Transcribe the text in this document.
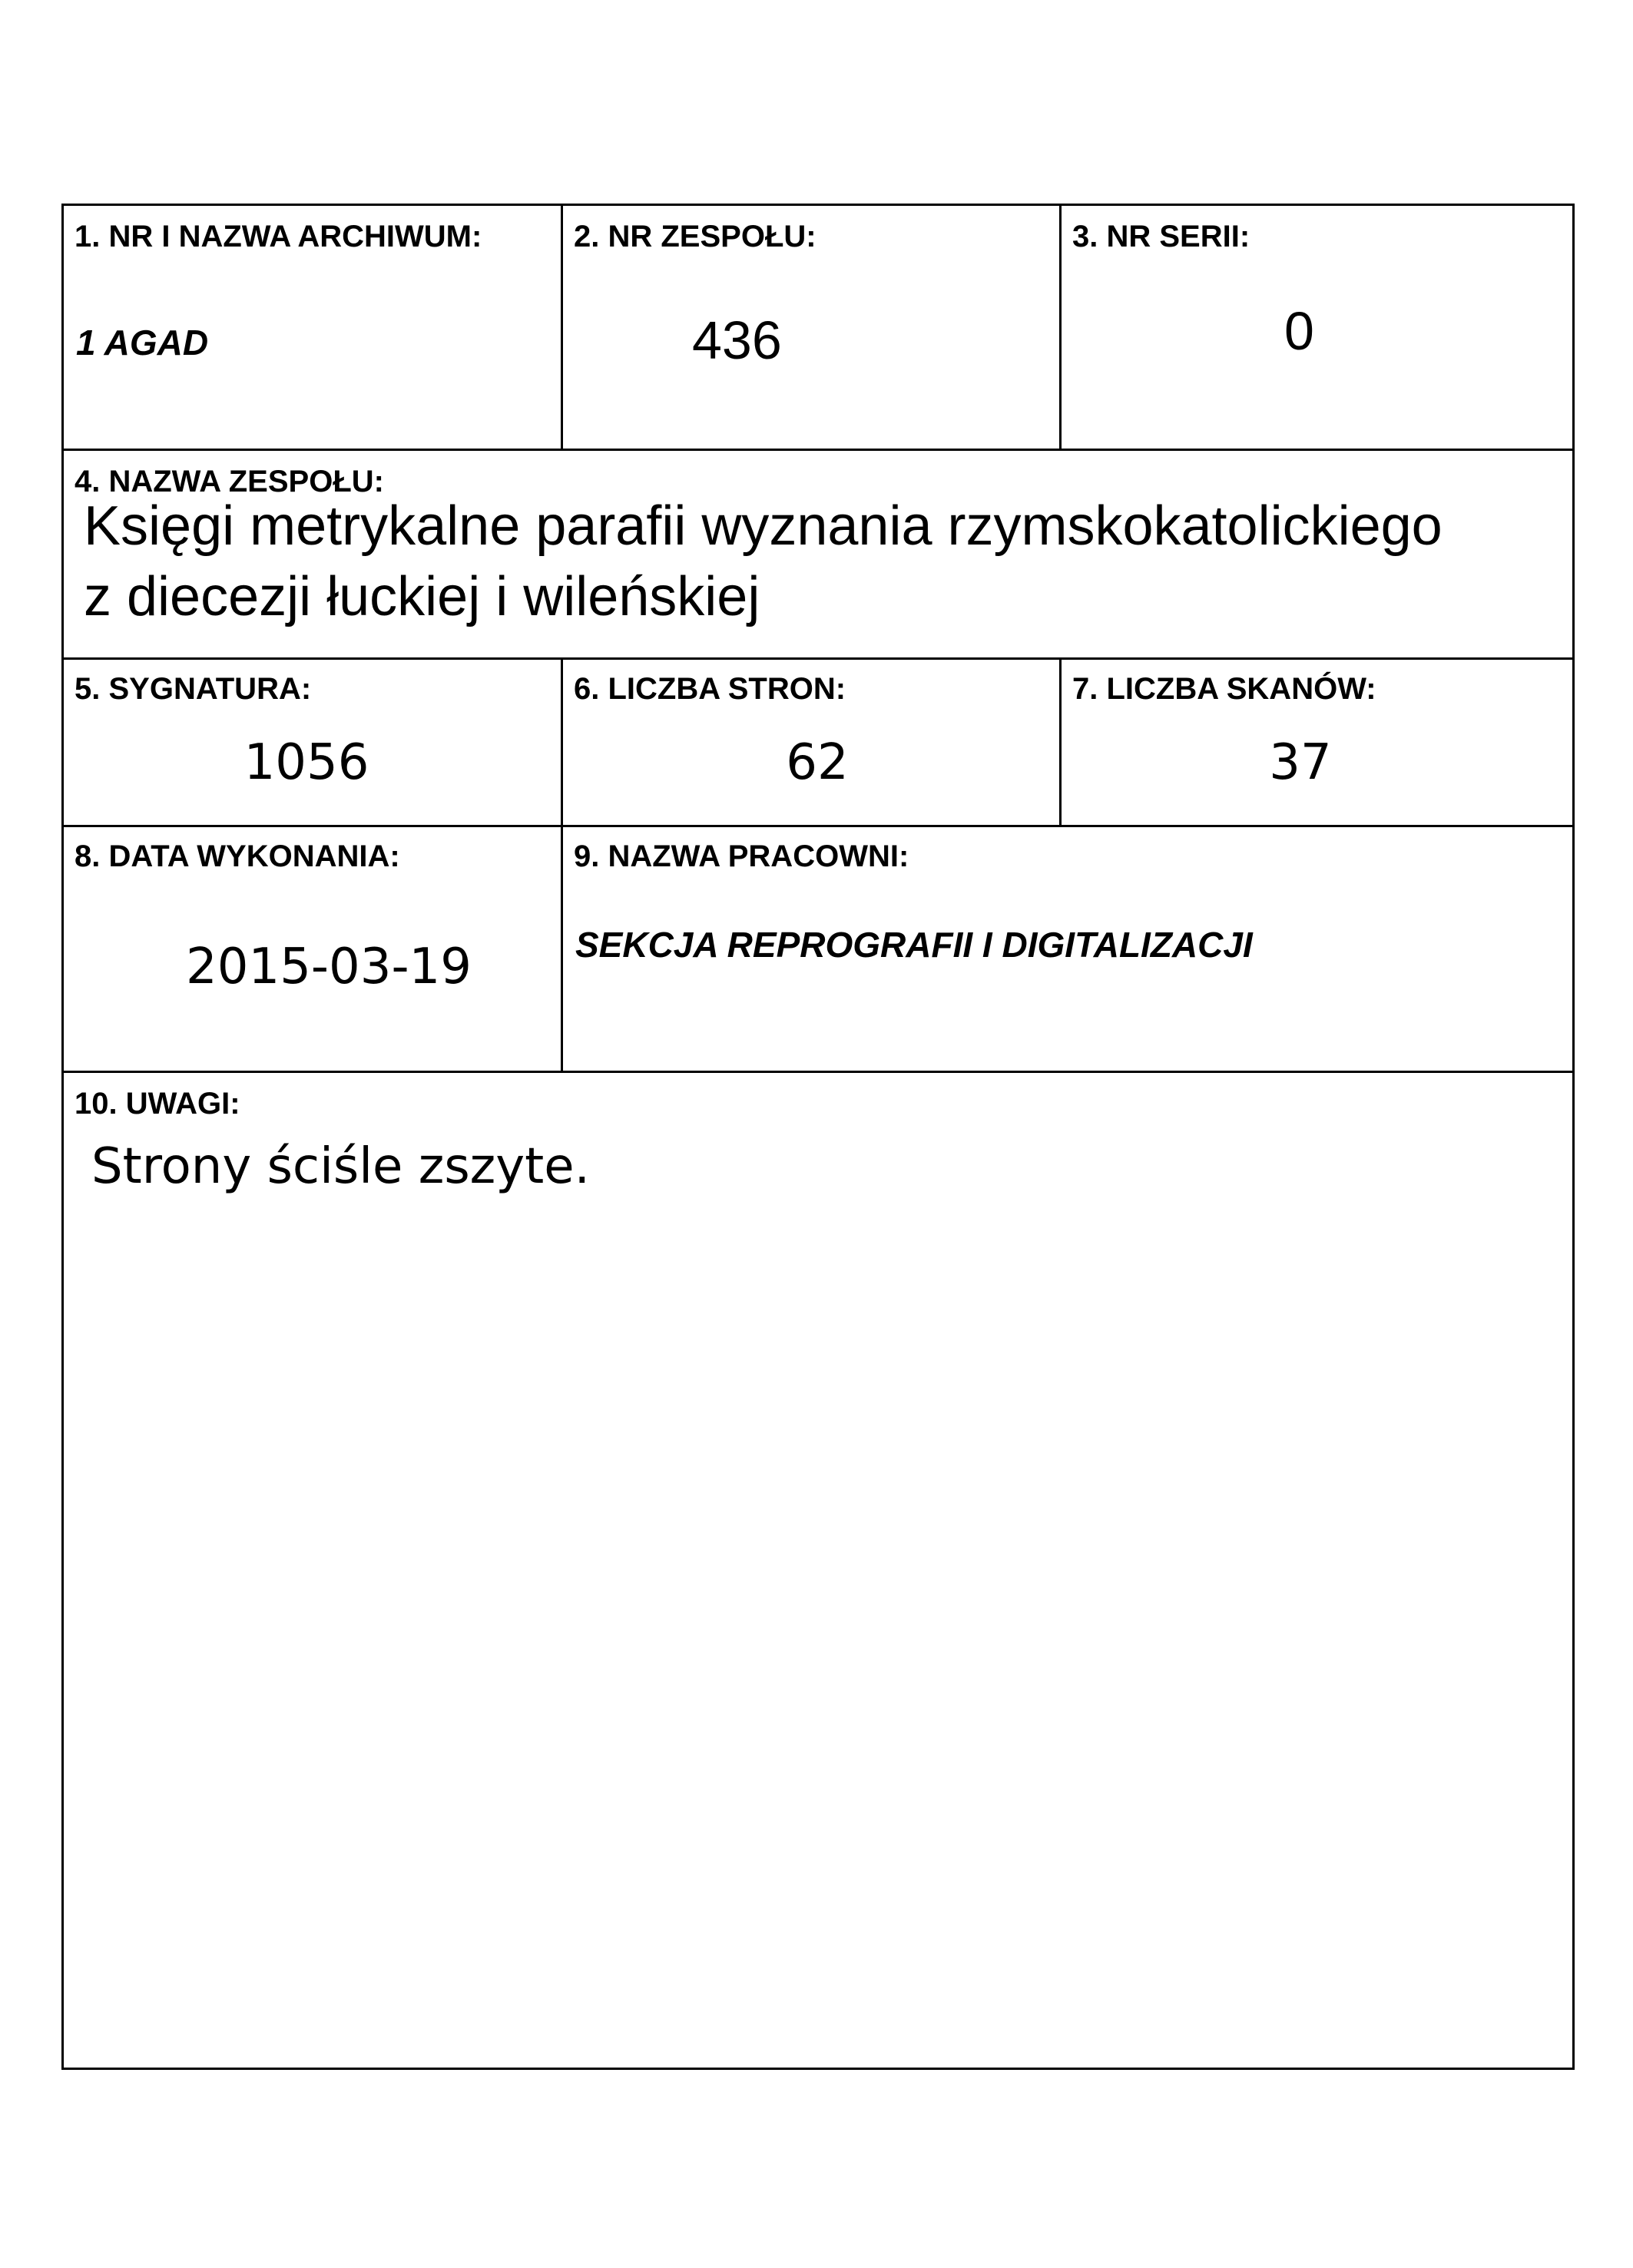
1. NR I NAZWA ARCHIWUM:
1 AGAD
2. NR ZESPOŁU:
436
3. NR SERII:
0
4. NAZWA ZESPOŁU:
Księgi metrykalne parafii wyznania rzymskokatolickiego
z diecezji łuckiej i wileńskiej
5. SYGNATURA:
1056
6. LICZBA STRON:
62
7. LICZBA SKANÓW:
37
8. DATA WYKONANIA:
2015-03-19
9. NAZWA PRACOWNI:
SEKCJA REPROGRAFII I DIGITALIZACJI
10. UWAGI:
Strony ściśle zszyte.
